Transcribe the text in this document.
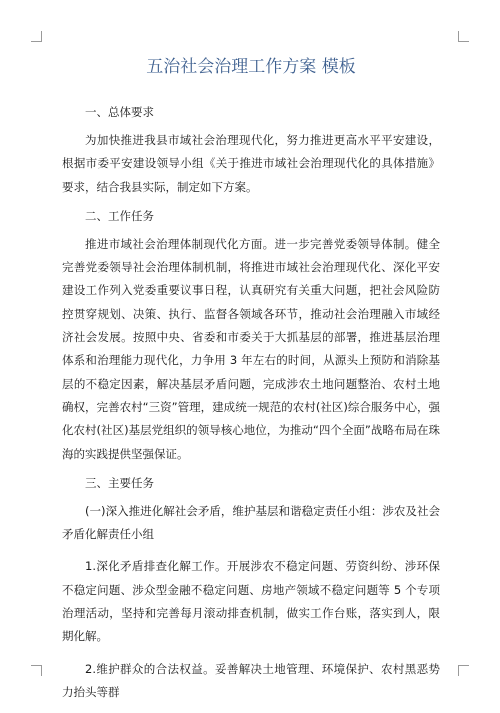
五治社会治理工作方案 模板

一、总体要求

为加快推进我县市域社会治理现代化，努力推进更高水平平安建设，根据市委平安建设领导小组《关于推进市域社会治理现代化的具体措施》要求，结合我县实际，制定如下方案。

二、工作任务

推进市域社会治理体制现代化方面。进一步完善党委领导体制。健全完善党委领导社会治理体制机制，将推进市域社会治理现代化、深化平安建设工作列入党委重要议事日程，认真研究有关重大问题，把社会风险防控贯穿规划、决策、执行、监督各领域各环节，推动社会治理融入市域经济社会发展。按照中央、省委和市委关于大抓基层的部署，推进基层治理体系和治理能力现代化，力争用 3 年左右的时间，从源头上预防和消除基层的不稳定因素，解决基层矛盾问题，完成涉农土地问题整治、农村土地确权，完善农村“三资”管理，建成统一规范的农村(社区)综合服务中心，强化农村(社区)基层党组织的领导核心地位，为推动“四个全面”战略布局在珠海的实践提供坚强保证。

三、主要任务

(一)深入推进化解社会矛盾，维护基层和谐稳定责任小组：涉农及社会矛盾化解责任小组

1.深化矛盾排查化解工作。开展涉农不稳定问题、劳资纠纷、涉环保不稳定问题、涉众型金融不稳定问题、房地产领域不稳定问题等 5 个专项治理活动，坚持和完善每月滚动排查机制，做实工作台账，落实到人，限期化解。

2.维护群众的合法权益。妥善解决土地管理、环境保护、农村黑恶势力抬头等群
